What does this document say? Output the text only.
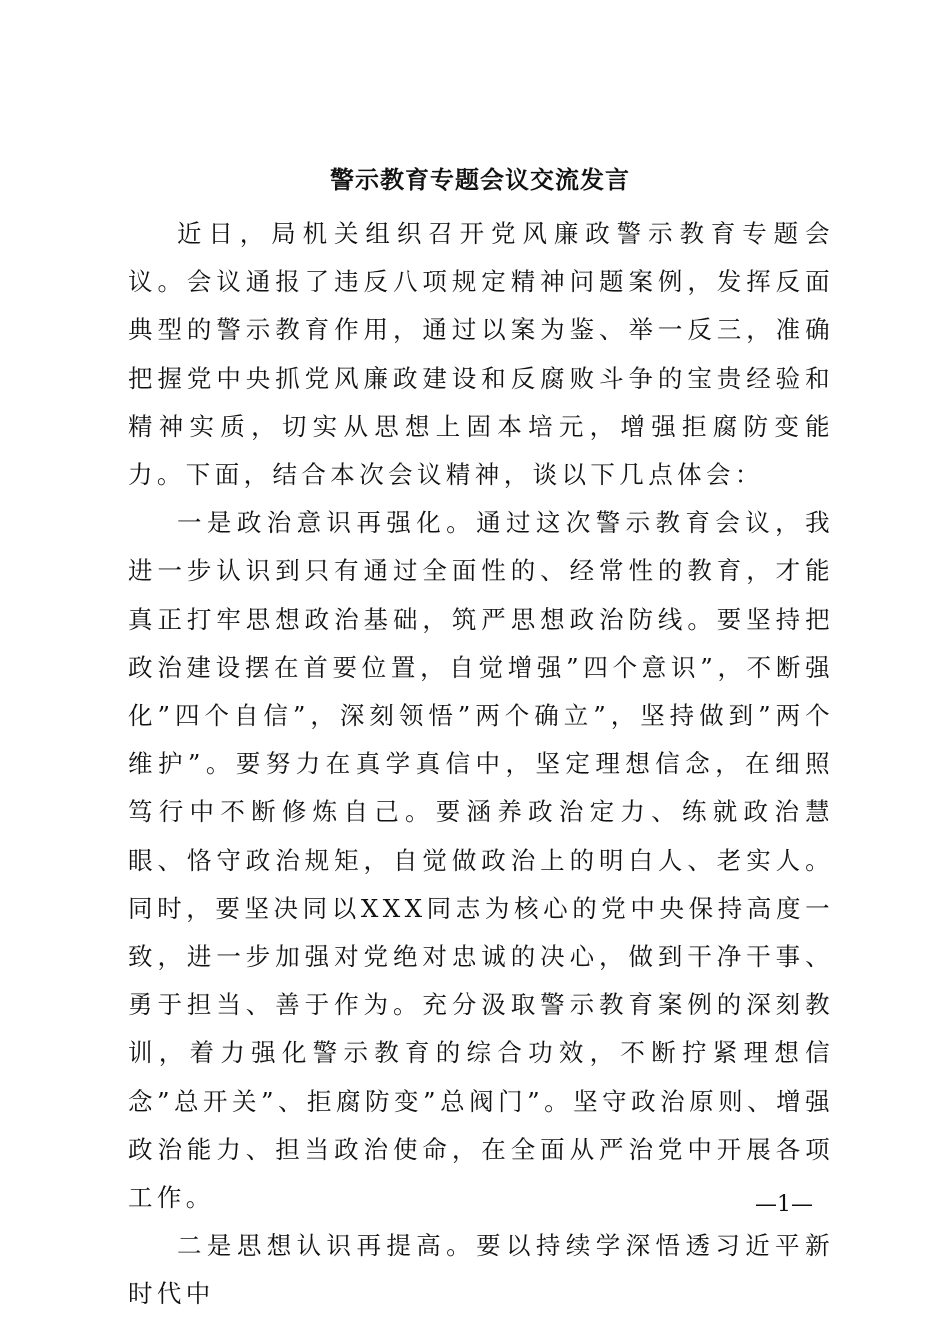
警示教育专题会议交流发言

近日，局机关组织召开党风廉政警示教育专题会议。会议通报了违反八项规定精神问题案例，发挥反面典型的警示教育作用，通过以案为鉴、举一反三，准确把握党中央抓党风廉政建设和反腐败斗争的宝贵经验和精神实质，切实从思想上固本培元，增强拒腐防变能力。下面，结合本次会议精神，谈以下几点体会：

一是政治意识再强化。通过这次警示教育会议，我进一步认识到只有通过全面性的、经常性的教育，才能真正打牢思想政治基础，筑严思想政治防线。要坚持把政治建设摆在首要位置，自觉增强”四个意识”，不断强化”四个自信”，深刻领悟”两个确立”，坚持做到”两个维护”。要努力在真学真信中，坚定理想信念，在细照笃行中不断修炼自己。要涵养政治定力、练就政治慧眼、恪守政治规矩，自觉做政治上的明白人、老实人。同时，要坚决同以XXX同志为核心的党中央保持高度一致，进一步加强对党绝对忠诚的决心，做到干净干事、勇于担当、善于作为。充分汲取警示教育案例的深刻教训，着力强化警示教育的综合功效，不断拧紧理想信念”总开关”、拒腐防变”总阀门”。坚守政治原则、增强政治能力、担当政治使命，在全面从严治党中开展各项工作。

二是思想认识再提高。要以持续学深悟透习近平新时代中

—1—
